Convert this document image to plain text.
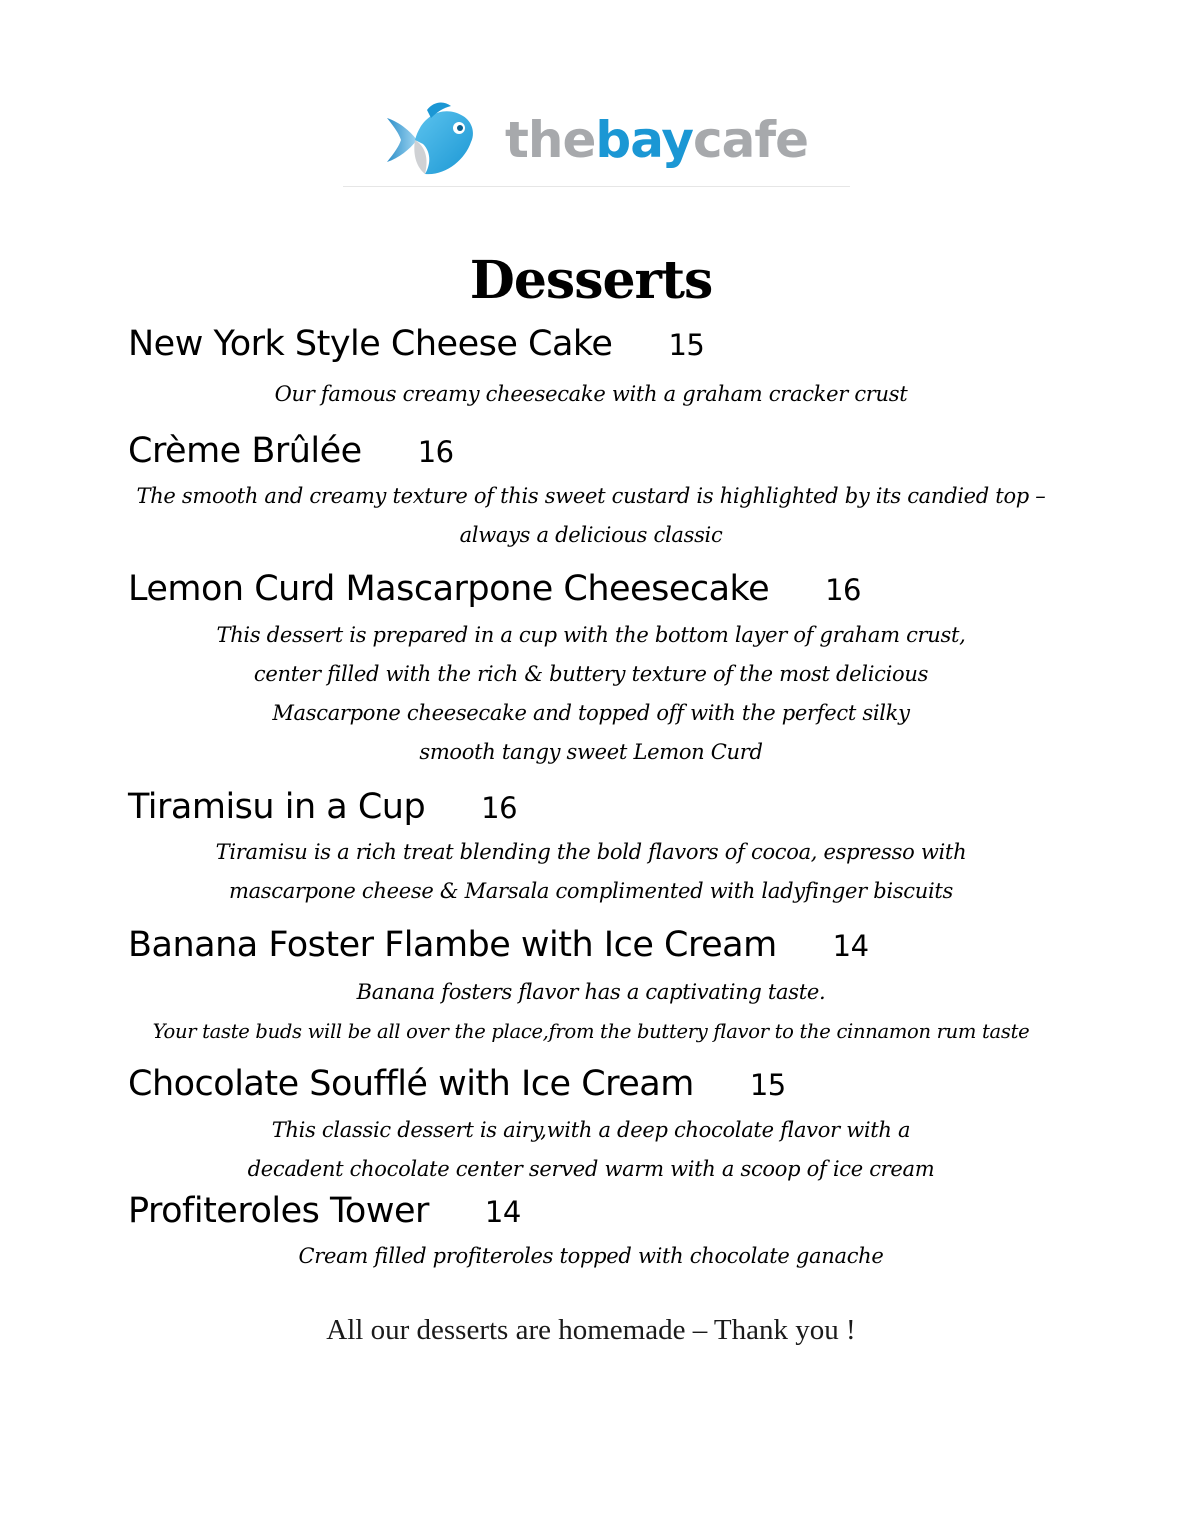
thebaycafe
Desserts
New York Style Cheese Cake 15
Our famous creamy cheesecake with a graham cracker crust
Crème Brûlée 16
The smooth and creamy texture of this sweet custard is highlighted by its candied top –
always a delicious classic
Lemon Curd Mascarpone Cheesecake 16
This dessert is prepared in a cup with the bottom layer of graham crust,
center filled with the rich & buttery texture of the most delicious
Mascarpone cheesecake and topped off with the perfect silky
smooth tangy sweet Lemon Curd
Tiramisu in a Cup 16
Tiramisu is a rich treat blending the bold flavors of cocoa, espresso with
mascarpone cheese & Marsala complimented with ladyfinger biscuits
Banana Foster Flambe with Ice Cream 14
Banana fosters flavor has a captivating taste.
Your taste buds will be all over the place,from the buttery flavor to the cinnamon rum taste
Chocolate Soufflé with Ice Cream 15
This classic dessert is airy,with a deep chocolate flavor with a
decadent chocolate center served warm with a scoop of ice cream
Profiteroles Tower 14
Cream filled profiteroles topped with chocolate ganache
All our desserts are homemade – Thank you !
